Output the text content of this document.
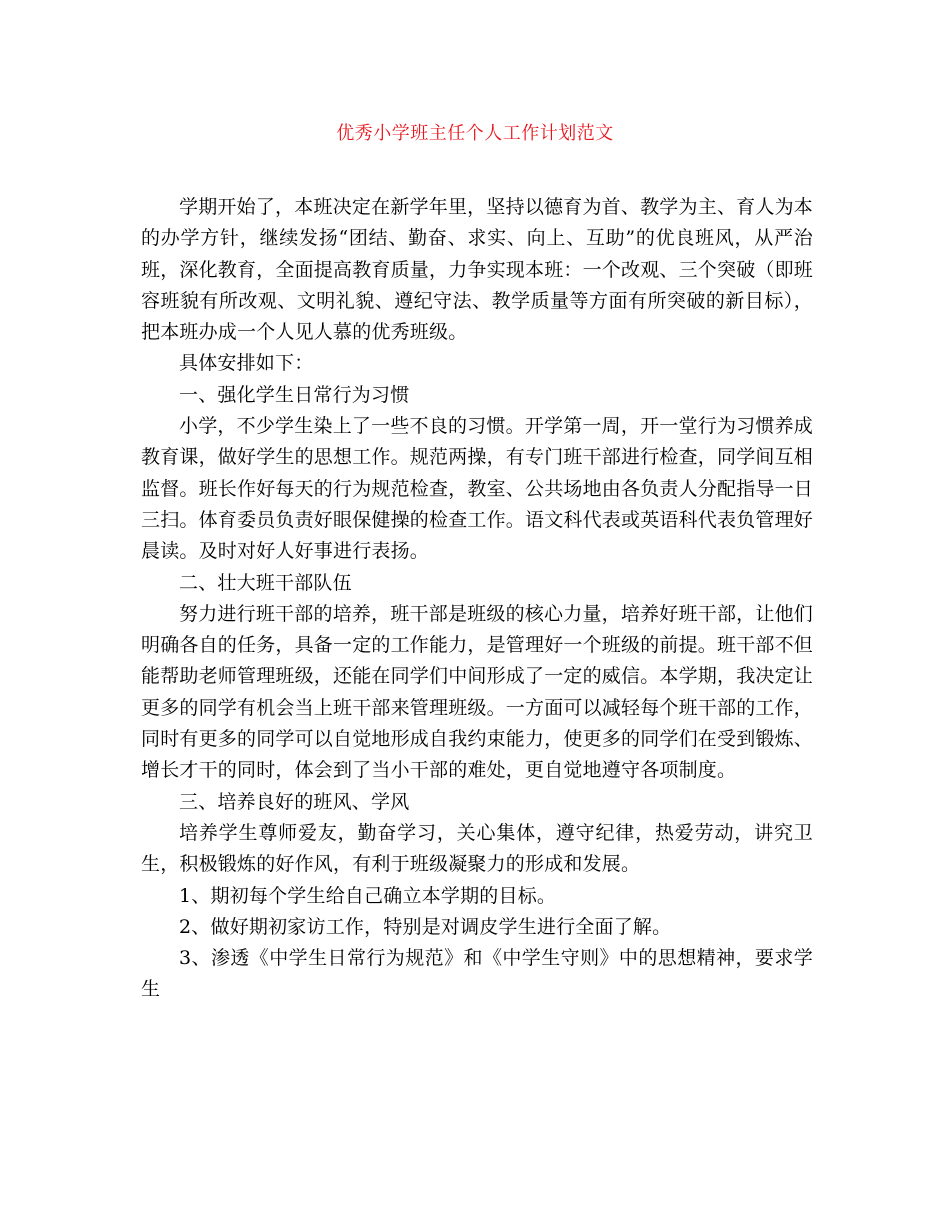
优秀小学班主任个人工作计划范文

学期开始了，本班决定在新学年里，坚持以德育为首、教学为主、育人为本的办学方针，继续发扬“团结、勤奋、求实、向上、互助”的优良班风，从严治班，深化教育，全面提高教育质量，力争实现本班：一个改观、三个突破（即班容班貌有所改观、文明礼貌、遵纪守法、教学质量等方面有所突破的新目标），把本班办成一个人见人慕的优秀班级。

具体安排如下：

一、强化学生日常行为习惯

小学，不少学生染上了一些不良的习惯。开学第一周，开一堂行为习惯养成教育课，做好学生的思想工作。规范两操，有专门班干部进行检查，同学间互相监督。班长作好每天的行为规范检查，教室、公共场地由各负责人分配指导一日三扫。体育委员负责好眼保健操的检查工作。语文科代表或英语科代表负管理好晨读。及时对好人好事进行表扬。

二、壮大班干部队伍

努力进行班干部的培养，班干部是班级的核心力量，培养好班干部，让他们明确各自的任务，具备一定的工作能力，是管理好一个班级的前提。班干部不但能帮助老师管理班级，还能在同学们中间形成了一定的威信。本学期，我决定让更多的同学有机会当上班干部来管理班级。一方面可以减轻每个班干部的工作，同时有更多的同学可以自觉地形成自我约束能力，使更多的同学们在受到锻炼、增长才干的同时，体会到了当小干部的难处，更自觉地遵守各项制度。

三、培养良好的班风、学风

培养学生尊师爱友，勤奋学习，关心集体，遵守纪律，热爱劳动，讲究卫生，积极锻炼的好作风，有利于班级凝聚力的形成和发展。

1、期初每个学生给自己确立本学期的目标。

2、做好期初家访工作，特别是对调皮学生进行全面了解。

3、渗透《中学生日常行为规范》和《中学生守则》中的思想精神，要求学生
